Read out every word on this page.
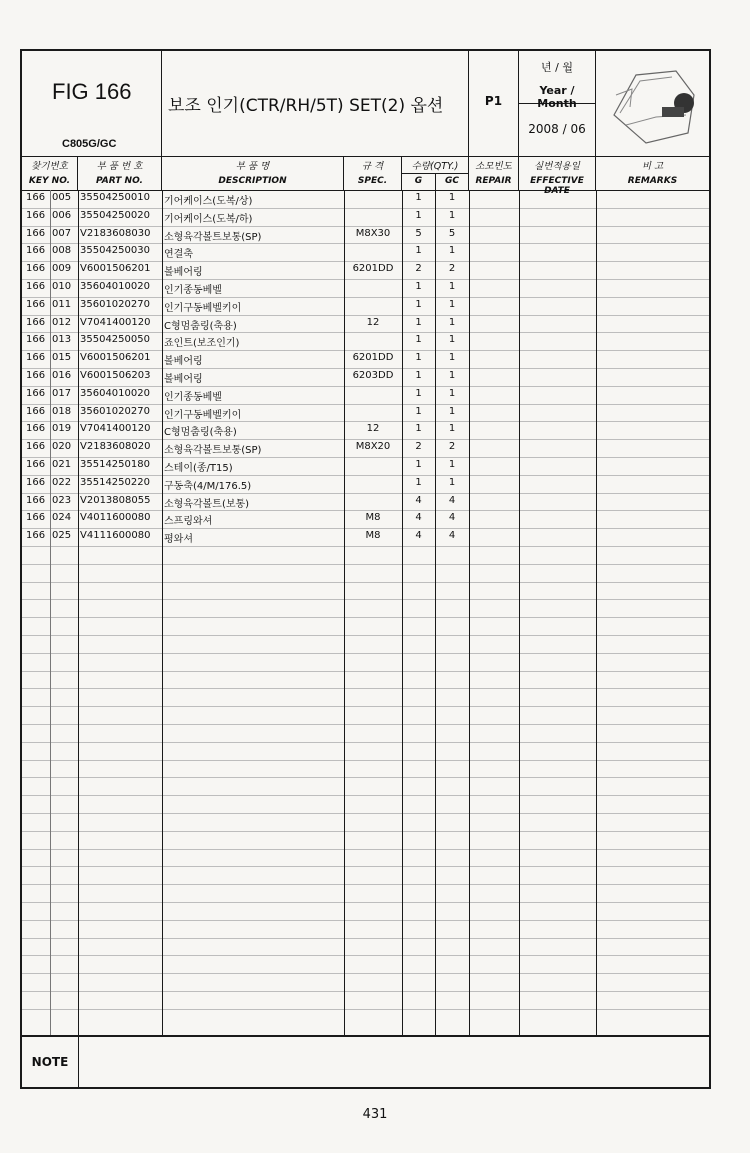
FIG 166
C805G/GC
보조 인기(CTR/RH/5T) SET(2) 옵션	P1
년 / 월
Year / Month
2008 / 06
찾기번호
KEY NO.
부 품 번 호
PART NO.
부 품 명
DESCRIPTION
규 격
SPEC.
수량(QTY.)
G	GC
소모빈도
REPAIR
실번적용일
EFFECTIVE DATE
비 고
REMARKS
166 005 35504250010	기어케이스(도복/상)	1	1
166 006 35504250020	기어케이스(도복/하)	1	1
166 007 V2183608030	소형육각볼트보통(SP)	M8X30	5	5
166 008 35504250030	연결축	1	1
166 009 V6001506201	볼베어링	6201DD	2	2
166 010 35604010020	인기종동베벨	1	1
166 011 35601020270	인기구동베벨키이	1	1
166 012 V7041400120	C형멈춤링(축용)	12	1	1
166 013 35504250050	죠인트(보조인기)	1	1
166 015 V6001506201	볼베어링	6201DD	1	1
166 016 V6001506203	볼베어링	6203DD	1	1
166 017 35604010020	인기종동베벨	1	1
166 018 35601020270	인기구동베벨키이	1	1
166 019 V7041400120	C형멈춤링(축용)	12	1	1
166 020 V2183608020	소형육각볼트보통(SP)	M8X20	2	2
166 021 35514250180	스테이(종/T15)	1	1
166 022 35514250220	구동축(4/M/176.5)	1	1
166 023 V2013808055	소형육각볼트(보통)	4	4
166 024 V4011600080	스프링와셔	M8	4	4
166 025 V4111600080	평와셔	M8	4	4
NOTE
431
